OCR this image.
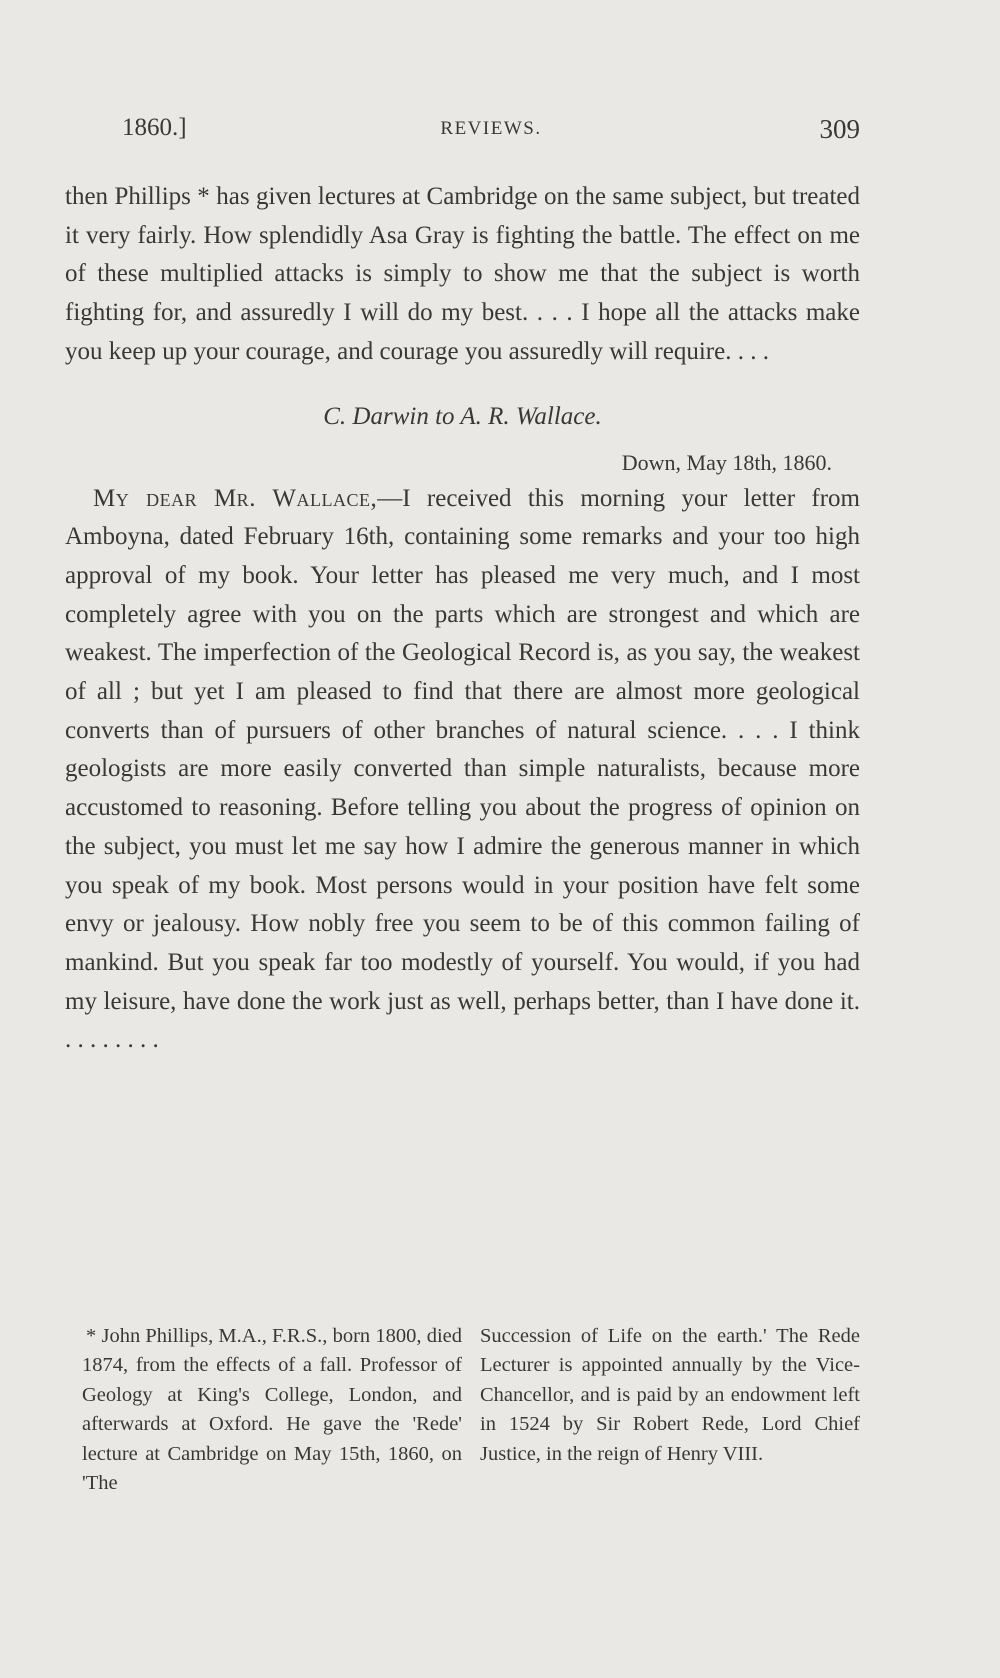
1860.]	REVIEWS.	309

then Phillips * has given lectures at Cambridge on the same subject, but treated it very fairly. How splendidly Asa Gray is fighting the battle. The effect on me of these multiplied attacks is simply to show me that the subject is worth fighting for, and assuredly I will do my best. . . . I hope all the attacks make you keep up your courage, and courage you assuredly will require. . . .

C. Darwin to A. R. Wallace.
Down, May 18th, 1860.

My dear Mr. Wallace,—I received this morning your letter from Amboyna, dated February 16th, containing some remarks and your too high approval of my book. Your letter has pleased me very much, and I most completely agree with you on the parts which are strongest and which are weakest. The imperfection of the Geological Record is, as you say, the weakest of all ; but yet I am pleased to find that there are almost more geological converts than of pursuers of other branches of natural science. . . . I think geologists are more easily converted than simple naturalists, because more accustomed to reasoning. Before telling you about the progress of opinion on the subject, you must let me say how I admire the generous manner in which you speak of my book. Most persons would in your position have felt some envy or jealousy. How nobly free you seem to be of this common failing of mankind. But you speak far too modestly of yourself. You would, if you had my leisure, have done the work just as well, perhaps better, than I have done it. . . . . . . . .

* John Phillips, M.A., F.R.S., born 1800, died 1874, from the effects of a fall. Professor of Geology at King's College, London, and afterwards at Oxford. He gave the 'Rede' lecture at Cambridge on May 15th, 1860, on 'The
Succession of Life on the earth.' The Rede Lecturer is appointed annually by the Vice-Chancellor, and is paid by an endowment left in 1524 by Sir Robert Rede, Lord Chief Justice, in the reign of Henry VIII.
